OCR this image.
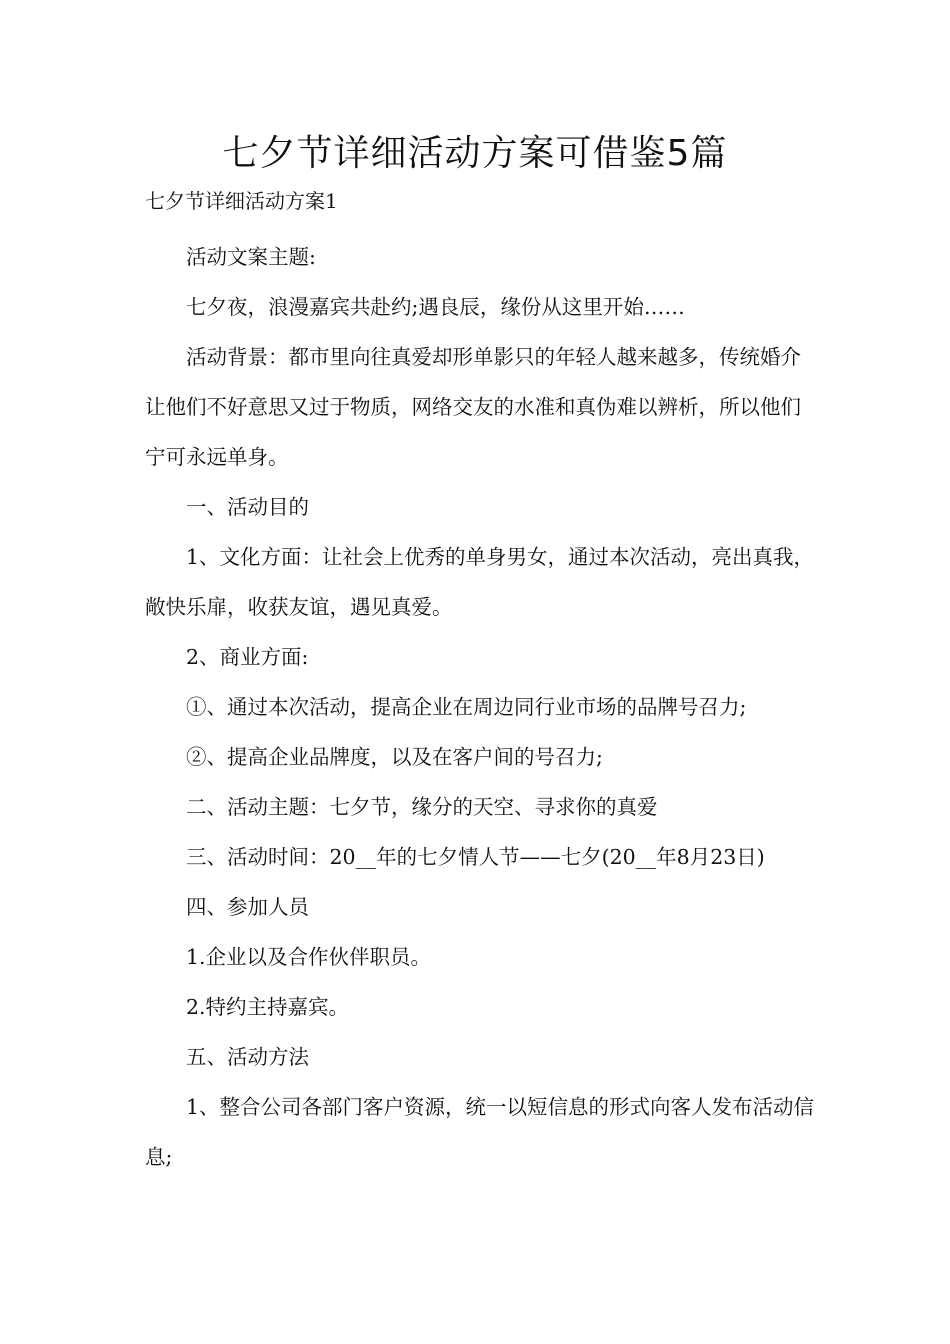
七夕节详细活动方案可借鉴5篇
七夕节详细活动方案1

活动文案主题:

七夕夜，浪漫嘉宾共赴约;遇良辰，缘份从这里开始……

活动背景：都市里向往真爱却形单影只的年轻人越来越多，传统婚介让他们不好意思又过于物质，网络交友的水准和真伪难以辨析，所以他们宁可永远单身。

一、活动目的

1、文化方面：让社会上优秀的单身男女，通过本次活动，亮出真我，敞快乐扉，收获友谊，遇见真爱。

2、商业方面:

①、通过本次活动，提高企业在周边同行业市场的品牌号召力;

②、提高企业品牌度，以及在客户间的号召力;

二、活动主题：七夕节，缘分的天空、寻求你的真爱

三、活动时间：20__年的七夕情人节——七夕(20__年8月23日)

四、参加人员

1.企业以及合作伙伴职员。

2.特约主持嘉宾。

五、活动方法

1、整合公司各部门客户资源，统一以短信息的形式向客人发布活动信息;
